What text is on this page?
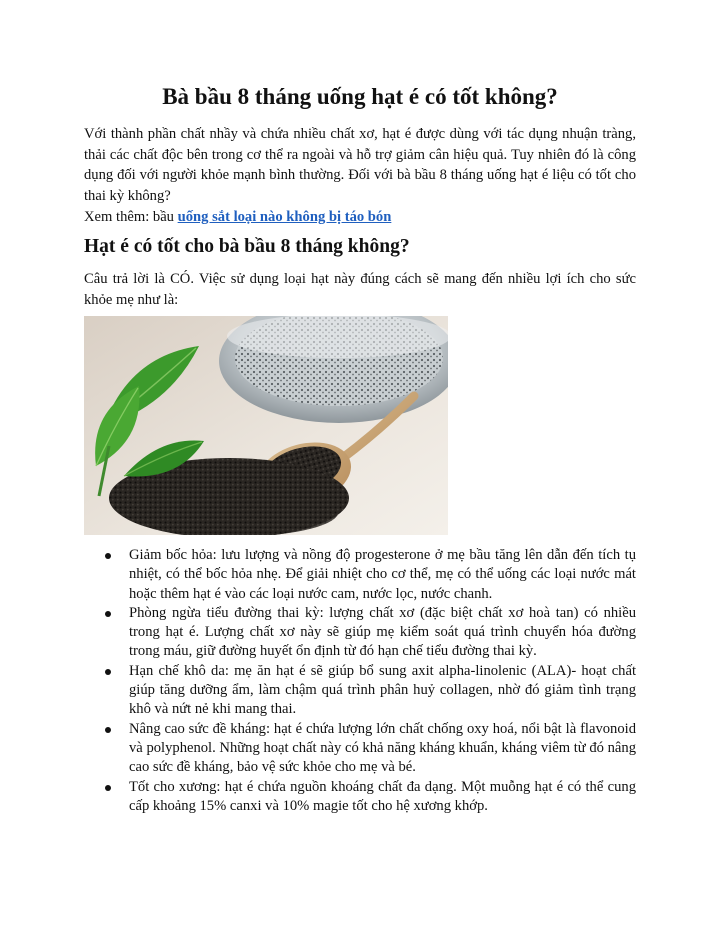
Bà bầu 8 tháng uống hạt é có tốt không?

Với thành phần chất nhầy và chứa nhiều chất xơ, hạt é được dùng với tác dụng nhuận tràng, thải các chất độc bên trong cơ thể ra ngoài và hỗ trợ giảm cân hiệu quả. Tuy nhiên đó là công dụng đối với người khỏe mạnh bình thường. Đối với bà bầu 8 tháng uống hạt é liệu có tốt cho thai kỳ không?

Xem thêm: bầu uống sắt loại nào không bị táo bón

Hạt é có tốt cho bà bầu 8 tháng không?

Câu trả lời là CÓ. Việc sử dụng loại hạt này đúng cách sẽ mang đến nhiều lợi ích cho sức khỏe mẹ như là:

Giảm bốc hỏa: lưu lượng và nồng độ progesterone ở mẹ bầu tăng lên dẫn đến tích tụ nhiệt, có thể bốc hỏa nhẹ. Để giải nhiệt cho cơ thể, mẹ có thể uống các loại nước mát hoặc thêm hạt é vào các loại nước cam, nước lọc, nước chanh.
Phòng ngừa tiểu đường thai kỳ: lượng chất xơ (đặc biệt chất xơ hoà tan) có nhiều trong hạt é. Lượng chất xơ này sẽ giúp mẹ kiểm soát quá trình chuyển hóa đường trong máu, giữ đường huyết ổn định từ đó hạn chế tiểu đường thai kỳ.
Hạn chế khô da: mẹ ăn hạt é sẽ giúp bổ sung axit alpha-linolenic (ALA)- hoạt chất giúp tăng dưỡng ẩm, làm chậm quá trình phân huỷ collagen, nhờ đó giảm tình trạng khô và nứt nẻ khi mang thai.
Nâng cao sức đề kháng: hạt é chứa lượng lớn chất chống oxy hoá, nổi bật là flavonoid và polyphenol. Những hoạt chất này có khả năng kháng khuẩn, kháng viêm từ đó nâng cao sức đề kháng, bảo vệ sức khỏe cho mẹ và bé.
Tốt cho xương: hạt é chứa nguồn khoáng chất đa dạng. Một muỗng hạt é có thể cung cấp khoảng 15% canxi và 10% magie tốt cho hệ xương khớp.
